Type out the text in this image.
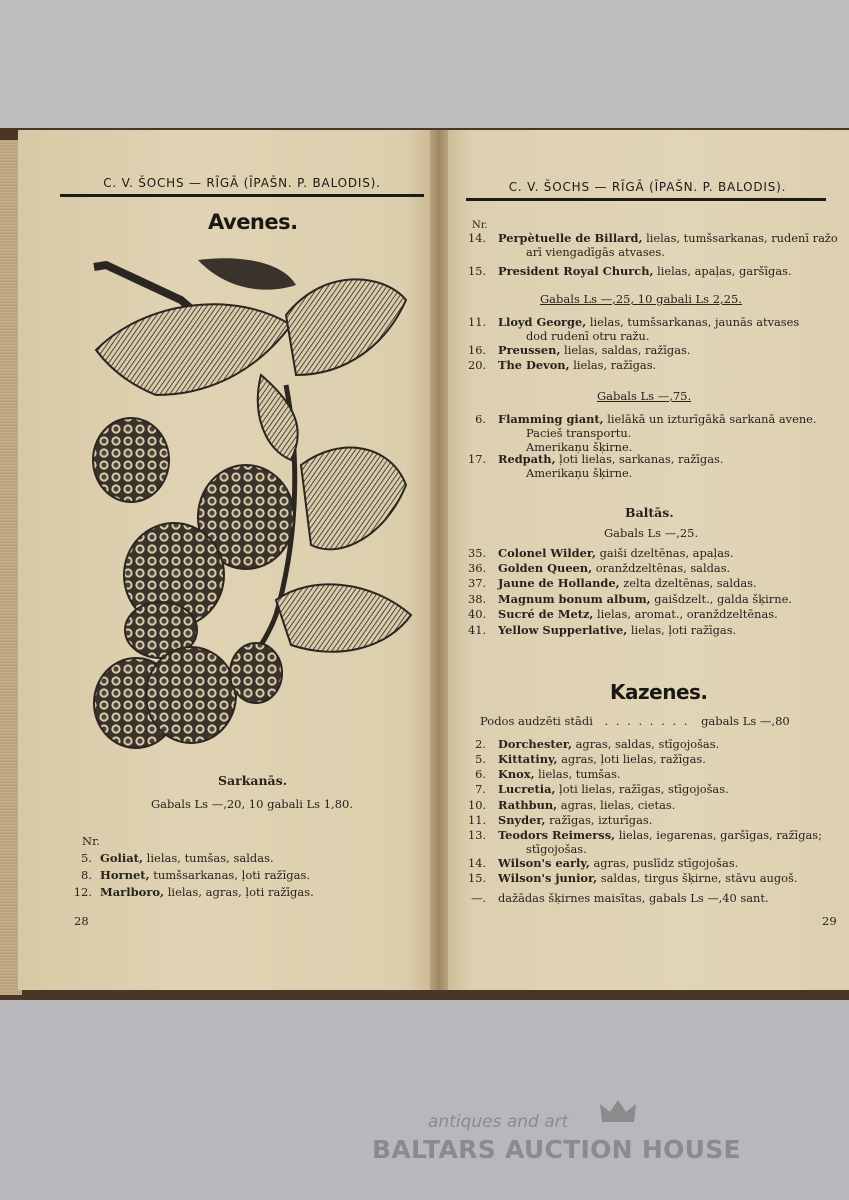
C. V. ŠOCHS — RĪGĀ (ĪPAŠN. P. BALODIS).
Avenes.
Sarkanās.
Gabals Ls —,20, 10 gabali Ls 1,80.
Nr.
5. Goliat, lielas, tumšas, saldas.
8. Hornet, tumšsarkanas, ļoti ražīgas.
12. Marlboro, lielas, agras, ļoti ražīgas.
28
C. V. ŠOCHS — RĪGĀ (ĪPAŠN. P. BALODIS).
Nr.
14. Perpètuelle de Billard, lielas, tumšsarkanas, rudenī ražo
arī viengadīgās atvases.
15. President Royal Church, lielas, apaļas, garšīgas.
Gabals Ls —,25, 10 gabali Ls 2,25.
11. Lloyd George, lielas, tumšsarkanas, jaunās atvases
dod rudenī otru ražu.
16. Preussen, lielas, saldas, ražīgas.
20. The Devon, lielas, ražīgas.
Gabals Ls —,75.
6. Flamming giant, lielākā un izturīgākā sarkanā avene.
Pacieš transportu.
Amerikaņu šķirne.
17. Redpath, ļoti lielas, sarkanas, ražīgas.
Amerikaņu šķirne.
Baltās.
Gabals Ls —,25.
35. Colonel Wilder, gaiši dzeltēnas, apaļas.
36. Golden Queen, oranždzeltēnas, saldas.
37. Jaune de Hollande, zelta dzeltēnas, saldas.
38. Magnum bonum album, gaišdzelt., galda šķirne.
40. Sucré de Metz, lielas, aromat., oranždzeltēnas.
41. Yellow Supperlative, lielas, ļoti ražīgas.
Kazenes.
Podos audzēti stādi . . . . . . . . gabals Ls —,80
2. Dorchester, agras, saldas, stīgojošas.
5. Kittatiny, agras, ļoti lielas, ražīgas.
6. Knox, lielas, tumšas.
7. Lucretia, ļoti lielas, ražīgas, stīgojošas.
10. Rathbun, agras, lielas, cietas.
11. Snyder, ražīgas, izturīgas.
13. Teodors Reimerss, lielas, iegarenas, garšīgas, ražīgas;
stīgojošas.
14. Wilson's early, agras, puslīdz stīgojošas.
15. Wilson's junior, saldas, tirgus šķirne, stāvu augoš.
—. dažādas šķirnes maisītas, gabals Ls —,40 sant.
29
antiques and art
BALTARS AUCTION HOUSE
